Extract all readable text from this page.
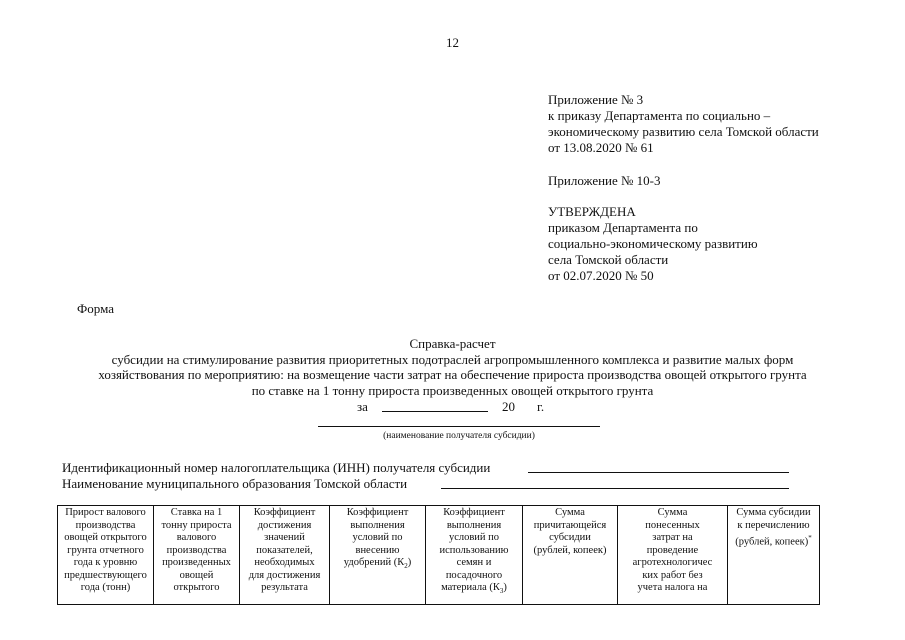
12
Приложение № 3
к приказу Департамента по социально –
экономическому развитию села Томской области
от 13.08.2020 № 61
Приложение № 10-3
УТВЕРЖДЕНА
приказом Департамента по
социально-экономическому развитию
села Томской области
от 02.07.2020 № 50
Форма
Справка-расчет
субсидии на стимулирование развития приоритетных подотраслей агропромышленного комплекса и развитие малых форм
хозяйствования по мероприятию: на возмещение части затрат на обеспечение прироста производства овощей открытого грунта
по ставке на 1 тонну прироста произведенных овощей открытого грунта
за	20 г.
(наименование получателя субсидии)
Идентификационный номер налогоплательщика (ИНН) получателя субсидии
Наименование муниципального образования Томской области
Прирост валового
производства
овощей открытого
грунта отчетного
года к уровню
предшествующего
года (тонн)	Ставка на 1
тонну прироста
валового
производства
произведенных
овощей
открытого	Коэффициент
достижения
значений
показателей,
необходимых
для достижения
результата	Коэффициент
выполнения
условий по
внесению
удобрений $(К_2)$	Коэффициент
выполнения
условий по
использованию
семян и
посадочного
материала $(К_3)$	Сумма
причитающейся
субсидии
(рублей, копеек)	Сумма
понесенных
затрат на
проведение
агротехнологичес
ких работ без
учета налога на	Сумма субсидии
к перечислению
(рублей, копеек)*
